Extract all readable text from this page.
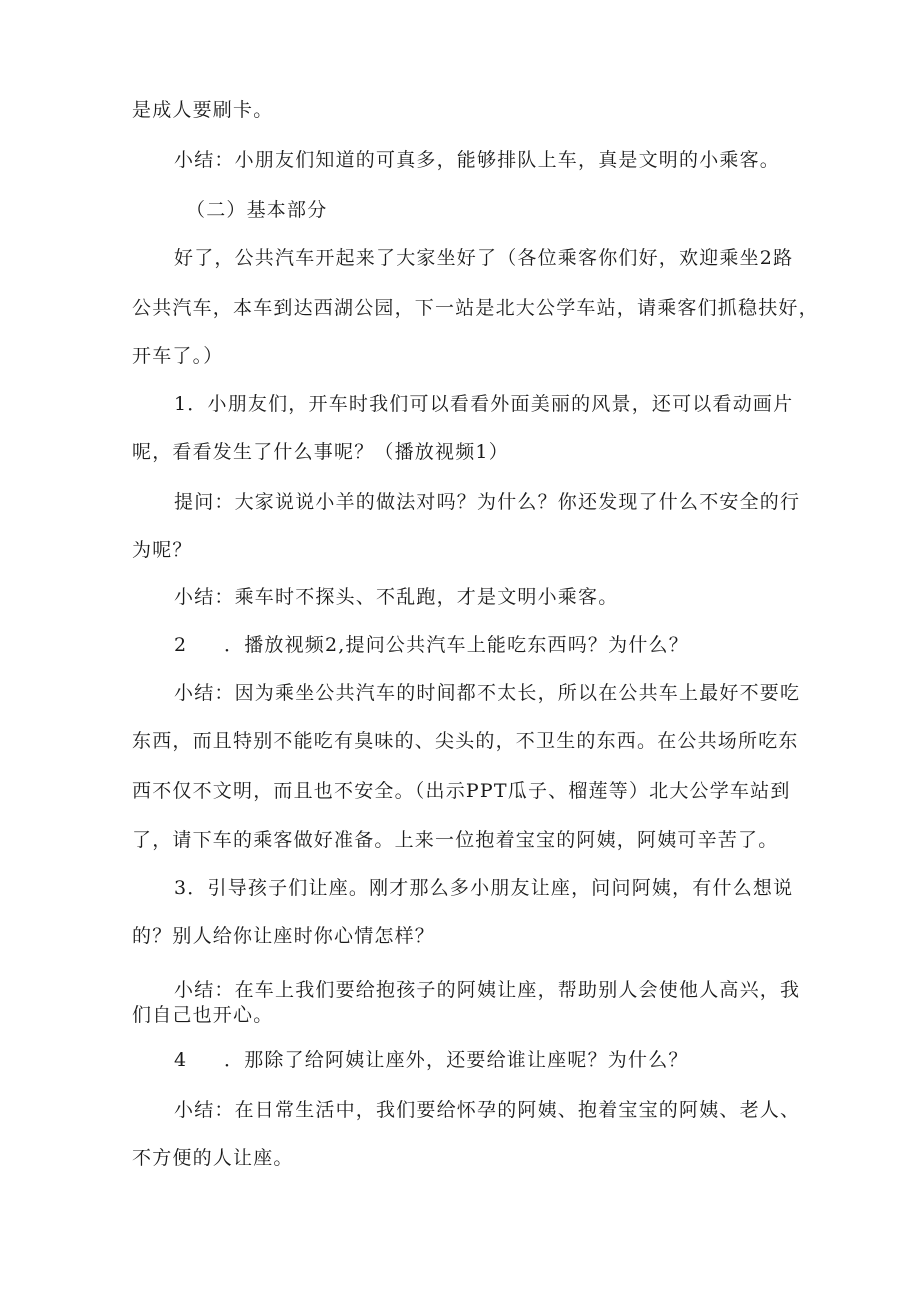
是成人要刷卡。
小结：小朋友们知道的可真多，能够排队上车，真是文明的小乘客。
（二）基本部分
好了，公共汽车开起来了大家坐好了（各位乘客你们好，欢迎乘坐2路
公共汽车，本车到达西湖公园，下一站是北大公学车站，请乘客们抓稳扶好，
开车了。）
1．小朋友们，开车时我们可以看看外面美丽的风景，还可以看动画片
呢，看看发生了什么事呢？（播放视频1）
提问：大家说说小羊的做法对吗？为什么？你还发现了什么不安全的行
为呢？
小结：乘车时不探头、不乱跑，才是文明小乘客。
2 ．播放视频2,提问公共汽车上能吃东西吗？为什么？
小结：因为乘坐公共汽车的时间都不太长，所以在公共车上最好不要吃
东西，而且特别不能吃有臭味的、尖头的，不卫生的东西。在公共场所吃东
西不仅不文明，而且也不安全。（出示PPT瓜子、榴莲等）北大公学车站到
了，请下车的乘客做好准备。上来一位抱着宝宝的阿姨，阿姨可辛苦了。
3．引导孩子们让座。刚才那么多小朋友让座，问问阿姨，有什么想说
的？别人给你让座时你心情怎样？
小结：在车上我们要给抱孩子的阿姨让座，帮助别人会使他人高兴，我
们自己也开心。
4 ．那除了给阿姨让座外，还要给谁让座呢？为什么？
小结：在日常生活中，我们要给怀孕的阿姨、抱着宝宝的阿姨、老人、
不方便的人让座。
